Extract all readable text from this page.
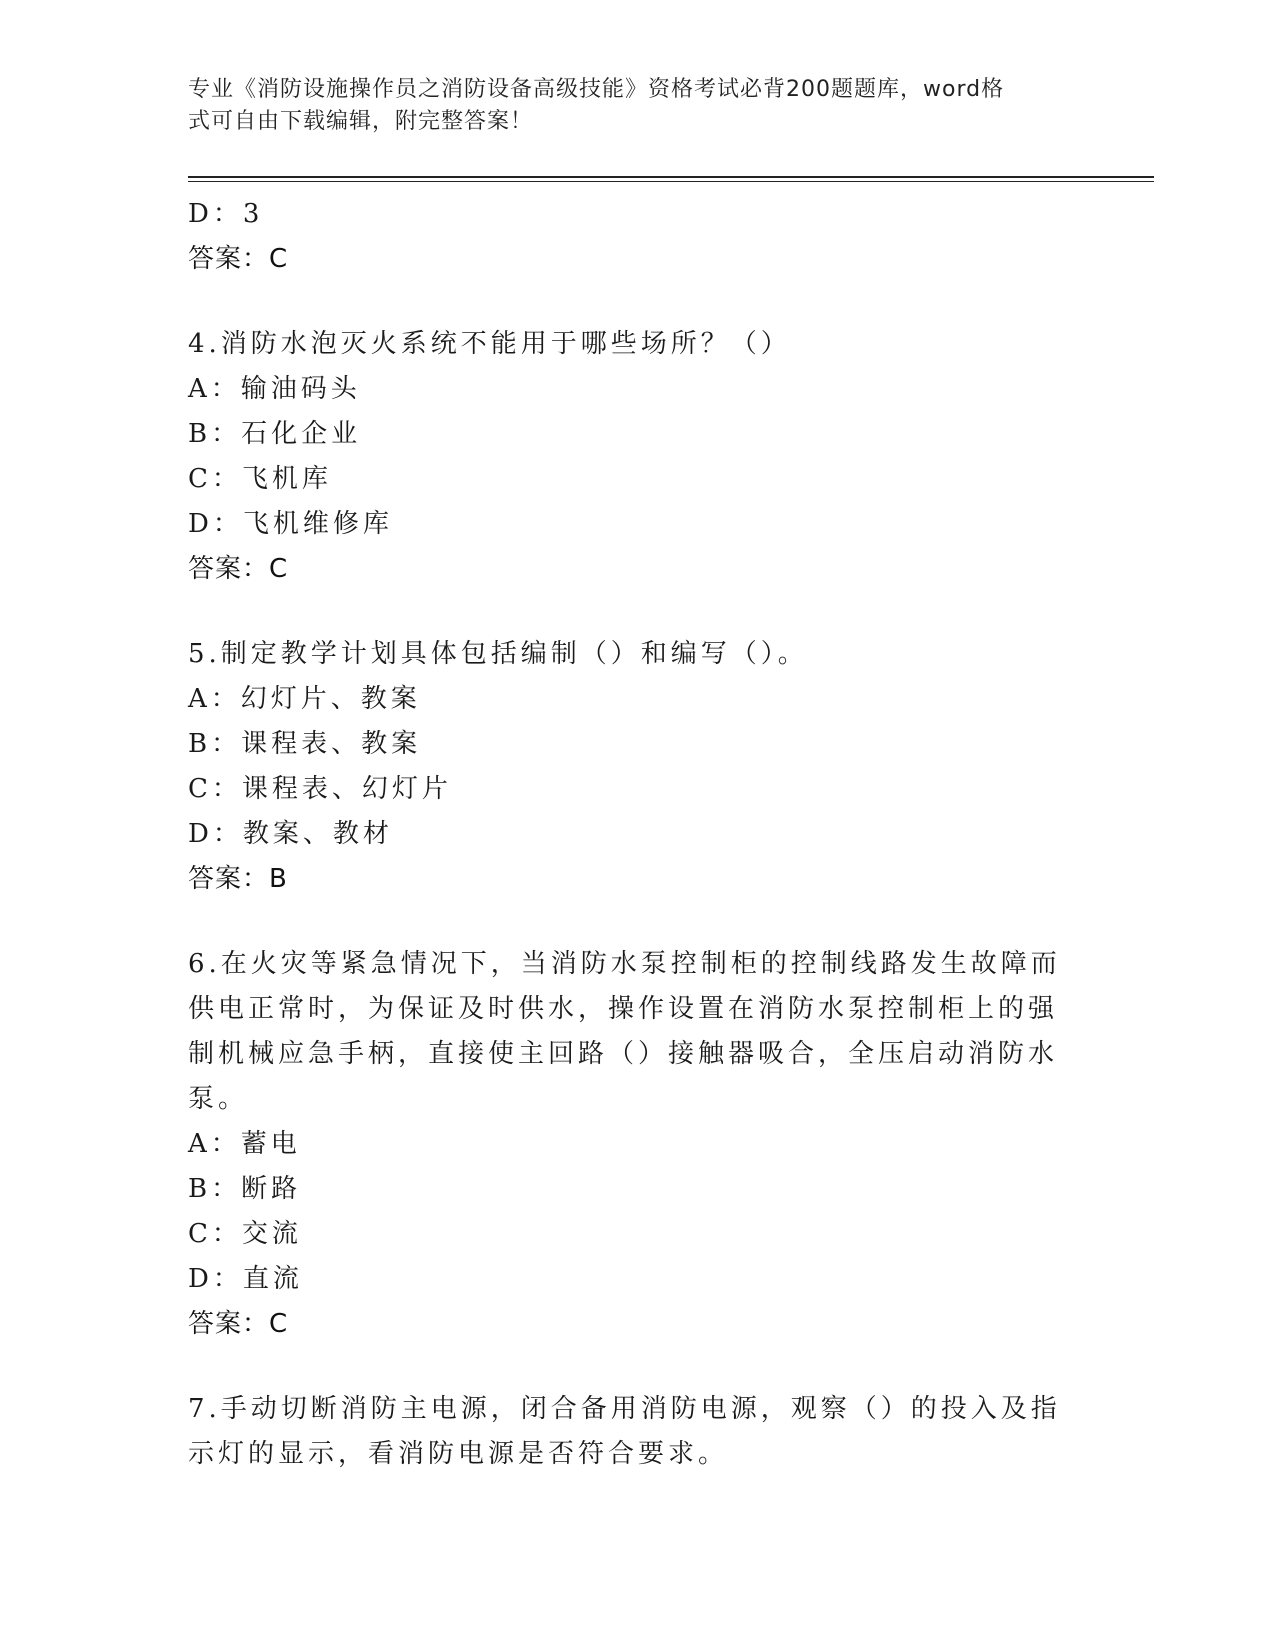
专业《消防设施操作员之消防设备高级技能》资格考试必背200题题库，word格
式可自由下载编辑，附完整答案！
D：3
答案：C
4.消防水泡灭火系统不能用于哪些场所？（）
A：输油码头
B：石化企业
C：飞机库
D：飞机维修库
答案：C
5.制定教学计划具体包括编制（）和编写（）。
A：幻灯片、教案
B：课程表、教案
C：课程表、幻灯片
D：教案、教材
答案：B
6.在火灾等紧急情况下，当消防水泵控制柜的控制线路发生故障而供电正常时，为保证及时供水，操作设置在消防水泵控制柜上的强制机械应急手柄，直接使主回路（）接触器吸合，全压启动消防水泵。
A：蓄电
B：断路
C：交流
D：直流
答案：C
7.手动切断消防主电源，闭合备用消防电源，观察（）的投入及指示灯的显示，看消防电源是否符合要求。
